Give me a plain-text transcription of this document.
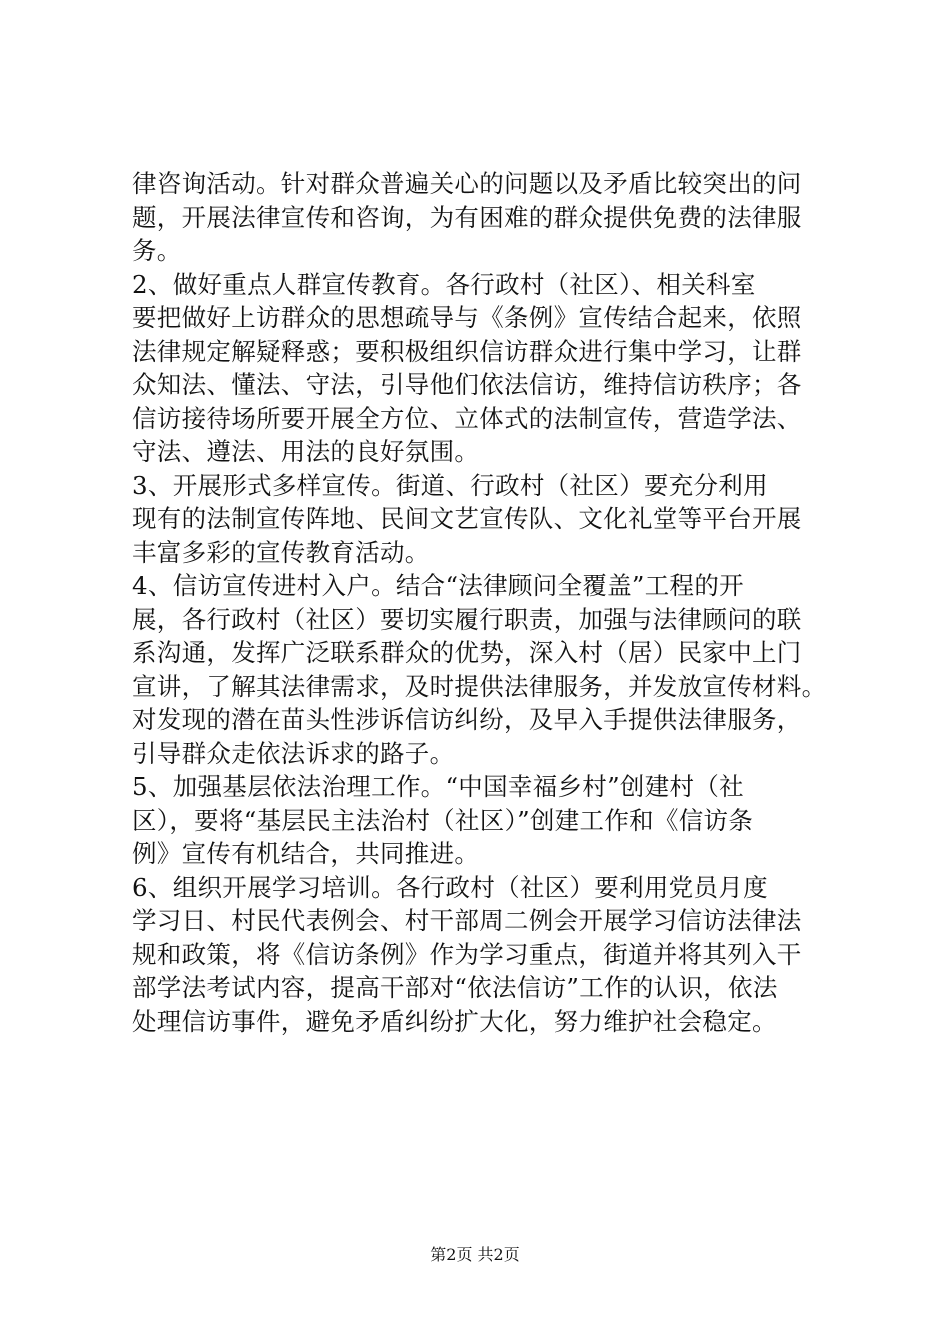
律咨询活动。针对群众普遍关心的问题以及矛盾比较突出的问
题，开展法律宣传和咨询，为有困难的群众提供免费的法律服
务。
2、做好重点人群宣传教育。各行政村（社区）、相关科室
要把做好上访群众的思想疏导与《条例》宣传结合起来，依照
法律规定解疑释惑；要积极组织信访群众进行集中学习，让群
众知法、懂法、守法，引导他们依法信访，维持信访秩序；各
信访接待场所要开展全方位、立体式的法制宣传，营造学法、
守法、遵法、用法的良好氛围。
3、开展形式多样宣传。街道、行政村（社区）要充分利用
现有的法制宣传阵地、民间文艺宣传队、文化礼堂等平台开展
丰富多彩的宣传教育活动。
4、信访宣传进村入户。结合“法律顾问全覆盖”工程的开
展，各行政村（社区）要切实履行职责，加强与法律顾问的联
系沟通，发挥广泛联系群众的优势，深入村（居）民家中上门
宣讲，了解其法律需求，及时提供法律服务，并发放宣传材料。
对发现的潜在苗头性涉诉信访纠纷，及早入手提供法律服务，
引导群众走依法诉求的路子。
5、加强基层依法治理工作。“中国幸福乡村”创建村（社
区），要将“基层民主法治村（社区）”创建工作和《信访条
例》宣传有机结合，共同推进。
6、组织开展学习培训。各行政村（社区）要利用党员月度
学习日、村民代表例会、村干部周二例会开展学习信访法律法
规和政策，将《信访条例》作为学习重点，街道并将其列入干
部学法考试内容，提高干部对“依法信访”工作的认识，依法
处理信访事件，避免矛盾纠纷扩大化，努力维护社会稳定。
第2页 共2页
